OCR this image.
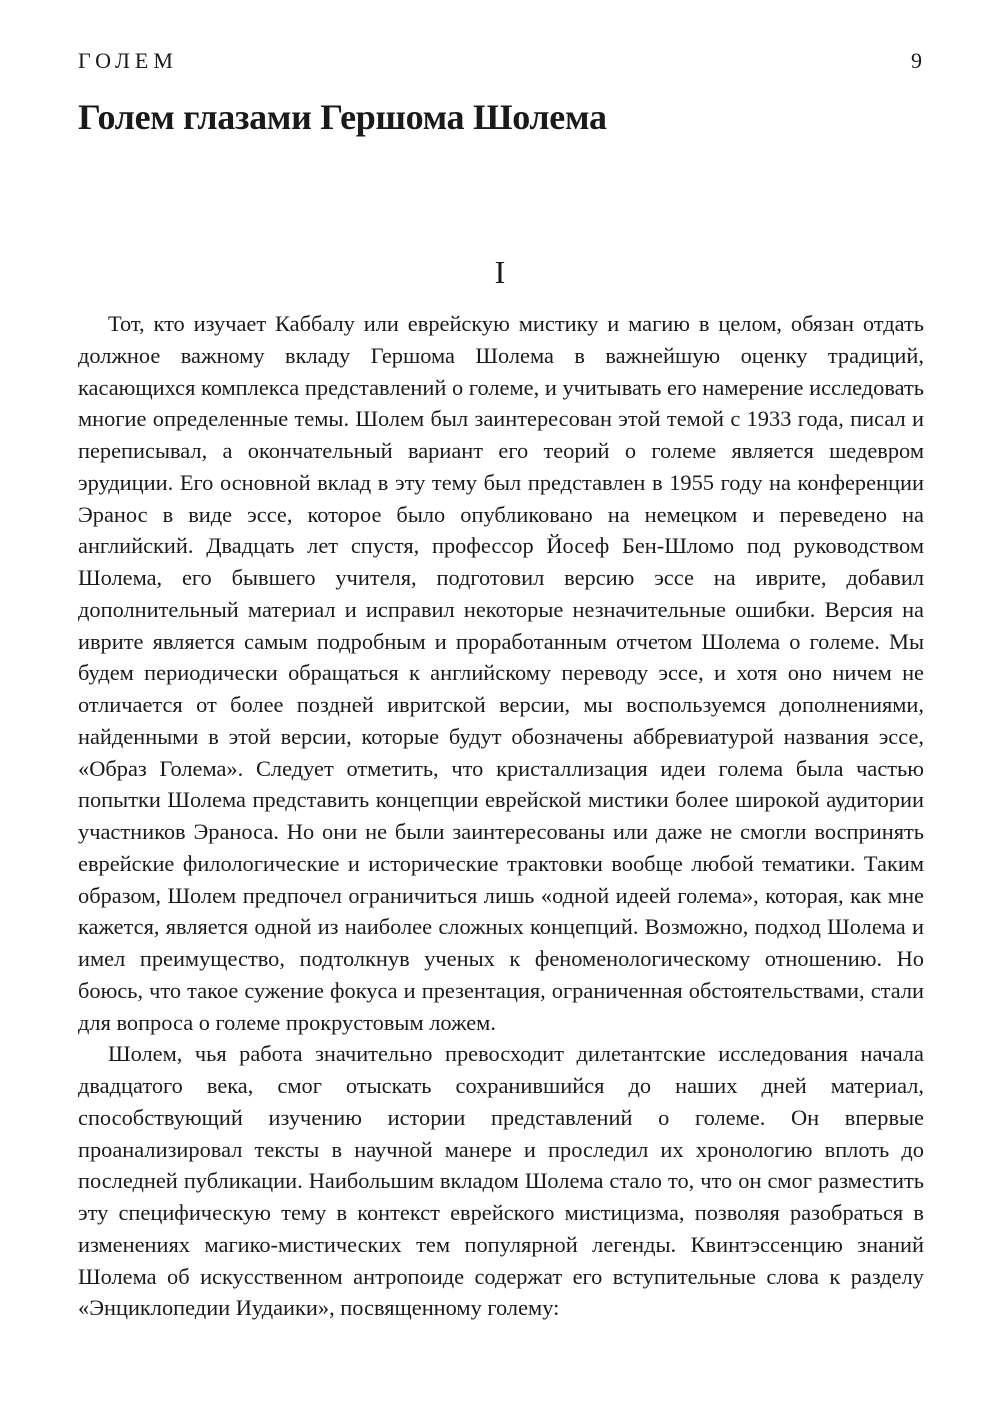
ГОЛЕМ	9
Голем глазами Гершома Шолема
I

Тот, кто изучает Каббалу или еврейскую мистику и магию в целом, обязан отдать должное важному вкладу Гершома Шолема в важнейшую оценку традиций, касающихся комплекса представлений о големе, и учитывать его намерение исследовать многие определенные темы. Шолем был заинтересован этой темой с 1933 года, писал и переписывал, а окончательный вариант его теорий о големе является шедевром эрудиции. Его основной вклад в эту тему был представлен в 1955 году на конференции Эранос в виде эссе, которое было опубликовано на немецком и переведено на английский. Двадцать лет спустя, профессор Йосеф Бен-Шломо под руководством Шолема, его бывшего учителя, подготовил версию эссе на иврите, добавил дополнительный материал и исправил некоторые незначительные ошибки. Версия на иврите является самым подробным и проработанным отчетом Шолема о големе. Мы будем периодически обращаться к английскому переводу эссе, и хотя оно ничем не отличается от более поздней ивритской версии, мы воспользуемся дополнениями, найденными в этой версии, которые будут обозначены аббревиатурой названия эссе, «Образ Голема». Следует отметить, что кристаллизация идеи голема была частью попытки Шолема представить концепции еврейской мистики более широкой аудитории участников Эраноса. Но они не были заинтересованы или даже не смогли воспринять еврейские филологические и исторические трактовки вообще любой тематики. Таким образом, Шолем предпочел ограничиться лишь «одной идеей голема», которая, как мне кажется, является одной из наиболее сложных концепций. Возможно, подход Шолема и имел преимущество, подтолкнув ученых к феноменологическому отношению. Но боюсь, что такое сужение фокуса и презентация, ограниченная обстоятельствами, стали для вопроса о големе прокрустовым ложем.

Шолем, чья работа значительно превосходит дилетантские исследования начала двадцатого века, смог отыскать сохранившийся до наших дней материал, способствующий изучению истории представлений о големе. Он впервые проанализировал тексты в научной манере и проследил их хронологию вплоть до последней публикации. Наибольшим вкладом Шолема стало то, что он смог разместить эту специфическую тему в контекст еврейского мистицизма, позволяя разобраться в изменениях магико-мистических тем популярной легенды. Квинтэссенцию знаний Шолема об искусственном антропоиде содержат его вступительные слова к разделу «Энциклопедии Иудаики», посвященному голему:
